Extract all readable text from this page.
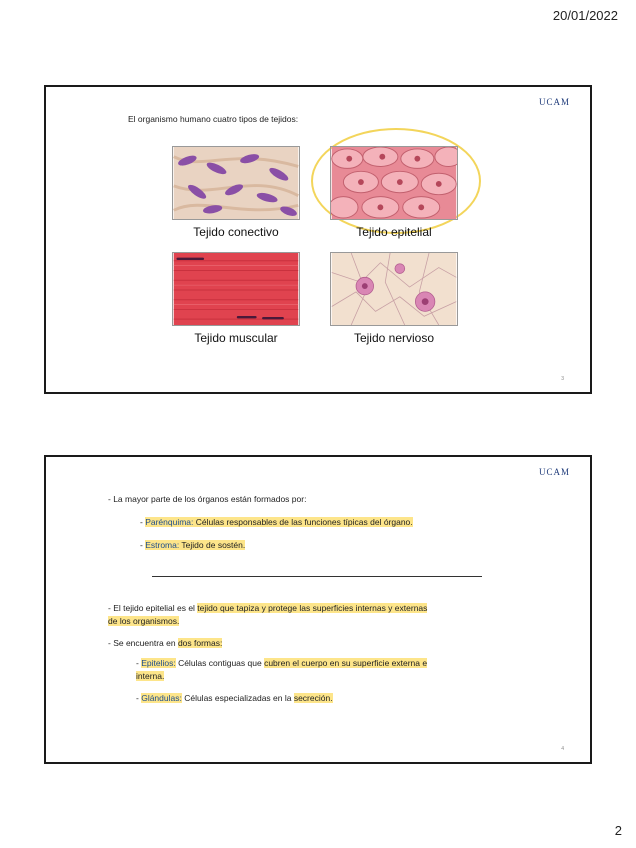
20/01/2022
UCAM
El organismo humano cuatro tipos de tejidos:
Tejido conectivo	Tejido epitelial
Tejido muscular	Tejido nervioso
3
UCAM
- La mayor parte de los órganos están formados por:
- Parénquima: Células responsables de las funciones típicas del órgano.
- Estroma: Tejido de sostén.
- El tejido epitelial es el tejido que tapiza y protege las superficies internas y externas
de los organismos.
- Se encuentra en dos formas:
- Epitelios: Células contiguas que cubren el cuerpo en su superficie externa e
interna.
- Glándulas: Células especializadas en la secreción.
4
2
